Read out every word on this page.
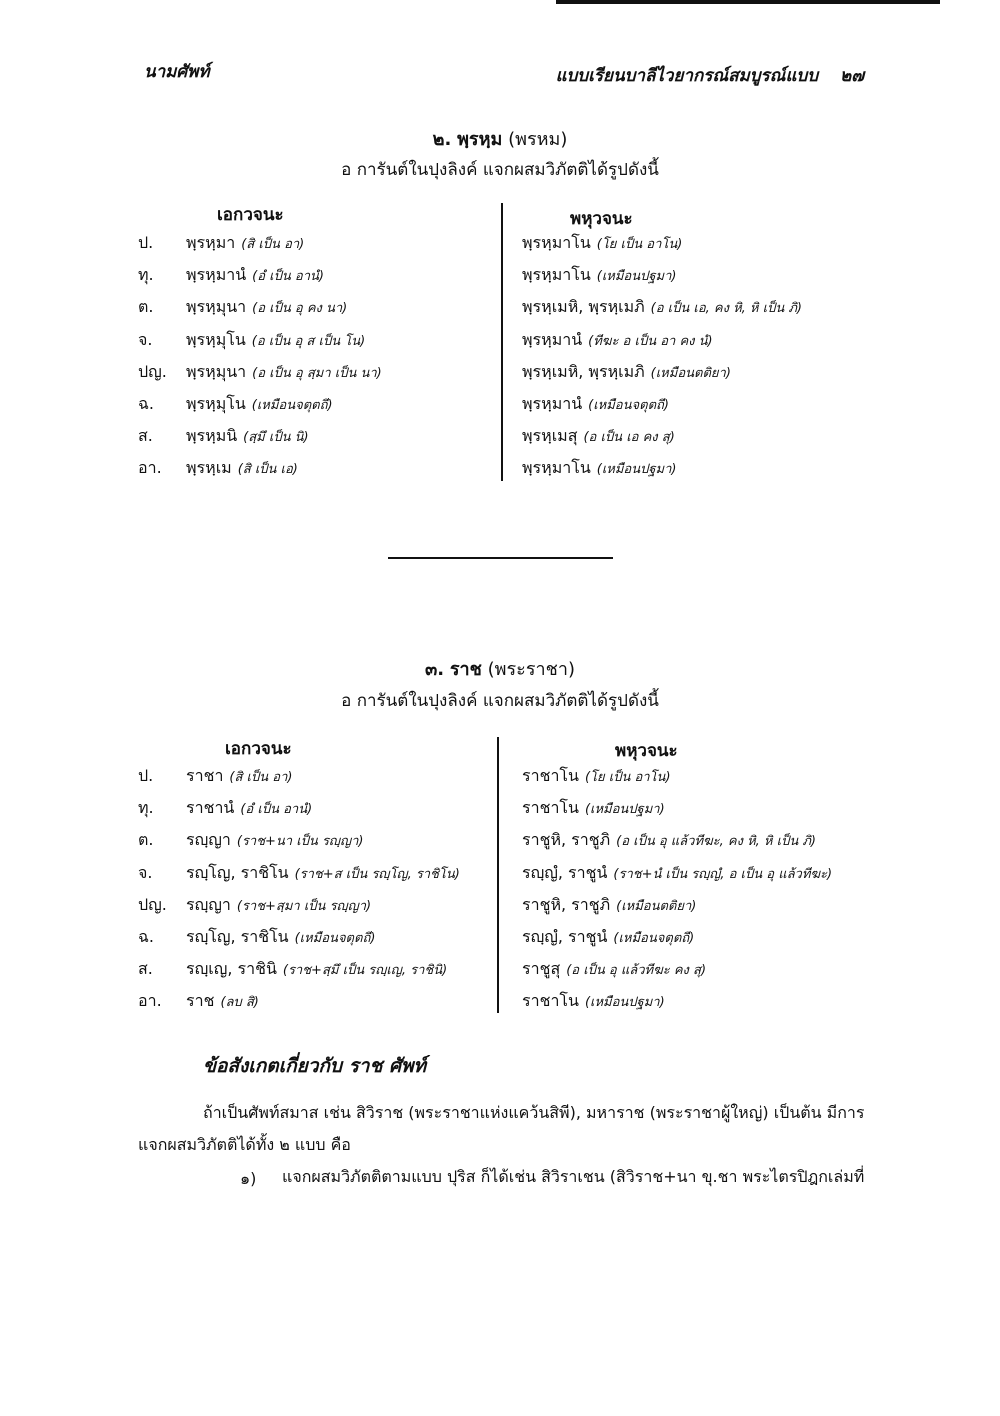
นามศัพท์	แบบเรียนบาลีไวยากรณ์สมบูรณ์แบบ ๒๗
๒. พฺรหฺม (พรหม)
อ การันต์ในปุงลิงค์ แจกผสมวิภัตติได้รูปดังนี้
เอกวจนะ	พหุวจนะ
ป. พฺรหฺมา (สิ เป็น อา)	พฺรหฺมาโน (โย เป็น อาโน)
ทุ. พฺรหฺมานํ (อํ เป็น อานํ)	พฺรหฺมาโน (เหมือนปฐมา)
ต. พฺรหฺมุนา (อ เป็น อุ คง นา)	พฺรหฺเมหิ, พฺรหฺเมภิ (อ เป็น เอ, คง หิ, หิ เป็น ภิ)
จ. พฺรหฺมุโน (อ เป็น อุ ส เป็น โน)	พฺรหฺมานํ (ทีฆะ อ เป็น อา คง นํ)
ปญ. พฺรหฺมุนา (อ เป็น อุ สฺมา เป็น นา)	พฺรหฺเมหิ, พฺรหฺเมภิ (เหมือนตติยา)
ฉ. พฺรหฺมุโน (เหมือนจตุตถี)	พฺรหฺมานํ (เหมือนจตุตถี)
ส. พฺรหฺมนิ (สฺมึ เป็น นิ)	พฺรหฺเมสุ (อ เป็น เอ คง สุ)
อา. พฺรหฺเม (สิ เป็น เอ)	พฺรหฺมาโน (เหมือนปฐมา)
๓. ราช (พระราชา)
อ การันต์ในปุงลิงค์ แจกผสมวิภัตติได้รูปดังนี้
เอกวจนะ	พหุวจนะ
ป. ราชา (สิ เป็น อา)	ราชาโน (โย เป็น อาโน)
ทุ. ราชานํ (อํ เป็น อานํ)	ราชาโน (เหมือนปฐมา)
ต. รญฺญา (ราช+นา เป็น รญฺญา)	ราชูหิ, ราชูภิ (อ เป็น อุ แล้วทีฆะ, คง หิ, หิ เป็น ภิ)
จ. รญฺโญ, ราชิโน (ราช+ส เป็น รญฺโญ, ราชิโน)	รญฺญํ, ราชูนํ (ราช+นํ เป็น รญฺญํ, อ เป็น อุ แล้วทีฆะ)
ปญ. รญฺญา (ราช+สฺมา เป็น รญฺญา)	ราชูหิ, ราชูภิ (เหมือนตติยา)
ฉ. รญฺโญ, ราชิโน (เหมือนจตุตถี)	รญฺญํ, ราชูนํ (เหมือนจตุตถี)
ส. รญฺเญ, ราชินิ (ราช+สฺมึ เป็น รญฺเญ, ราชินิ)	ราชูสุ (อ เป็น อุ แล้วทีฆะ คง สุ)
อา. ราช (ลบ สิ)	ราชาโน (เหมือนปฐมา)
ข้อสังเกตเกี่ยวกับ ราช ศัพท์
ถ้าเป็นศัพท์สมาส เช่น สิวิราช (พระราชาแห่งแคว้นสิพี), มหาราช (พระราชาผู้ใหญ่) เป็นต้น มีการ
แจกผสมวิภัตติได้ทั้ง ๒ แบบ คือ
๑) แจกผสมวิภัตติตามแบบ ปุริส ก็ได้เช่น สิวิราเชน (สิวิราช+นา ขุ.ชา พระไตรปิฎกเล่มที่
